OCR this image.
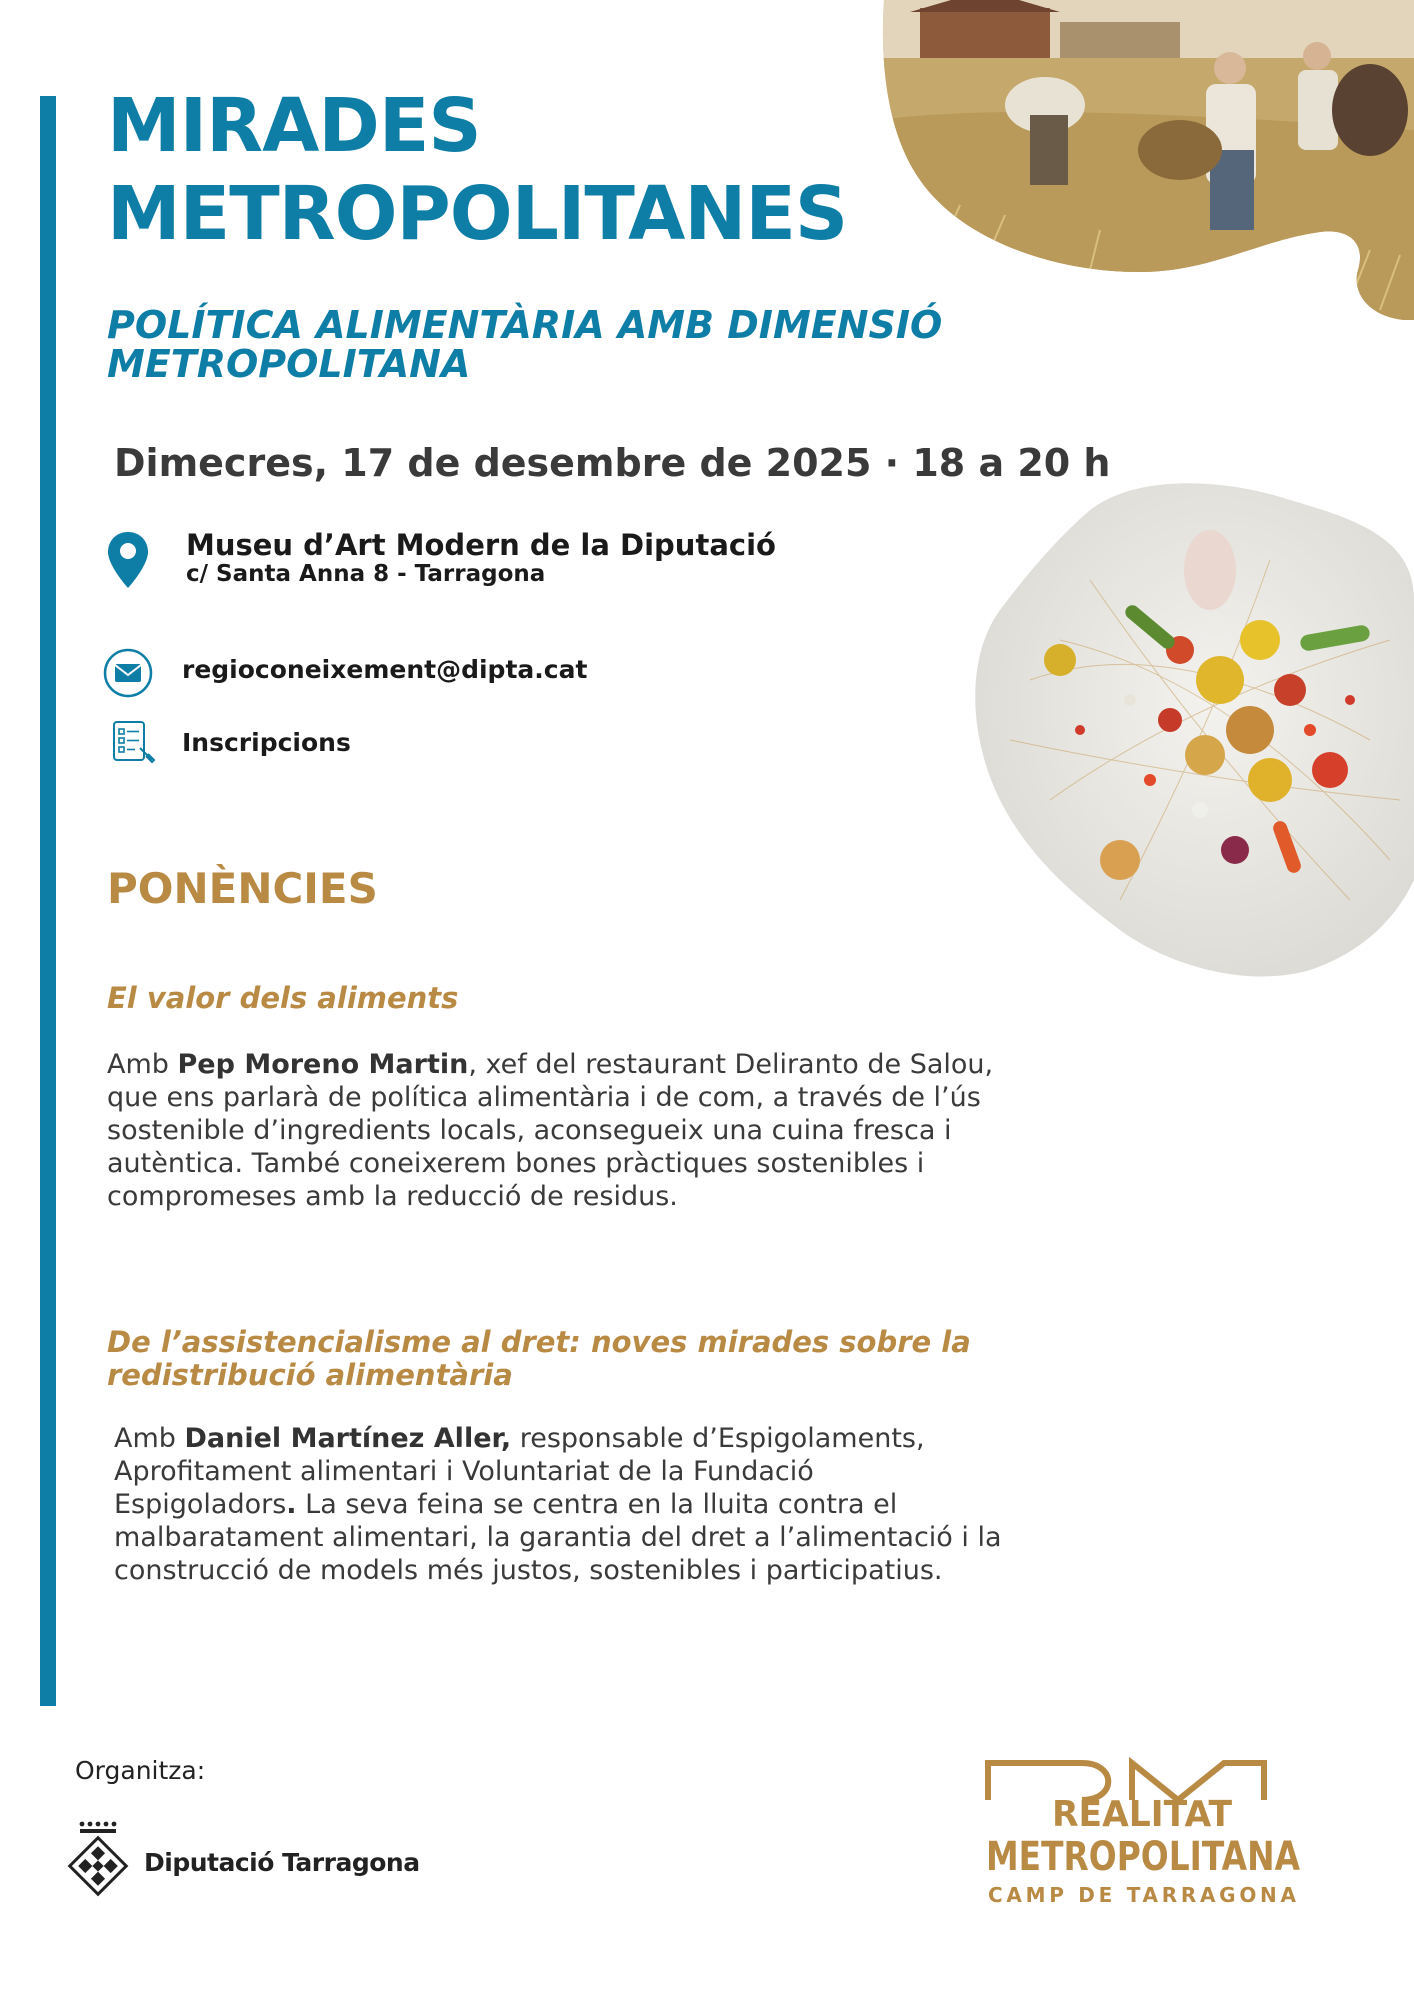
MIRADES
METROPOLITANES
POLÍTICA ALIMENTÀRIA AMB DIMENSIÓ
METROPOLITANA
Dimecres, 17 de desembre de 2025 · 18 a 20 h
Museu d’Art Modern de la Diputació
c/ Santa Anna 8 - Tarragona
regioconeixement@dipta.cat
Inscripcions
PONÈNCIES
El valor dels aliments

Amb Pep Moreno Martin, xef del restaurant Deliranto de Salou,
que ens parlarà de política alimentària i de com, a través de l’ús
sostenible d’ingredients locals, aconsegueix una cuina fresca i
autèntica. També coneixerem bones pràctiques sostenibles i
compromeses amb la reducció de residus.

De l’assistencialisme al dret: noves mirades sobre la
redistribució alimentària

Amb Daniel Martínez Aller, responsable d’Espigolaments,
Aprofitament alimentari i Voluntariat de la Fundació
Espigoladors. La seva feina se centra en la lluita contra el
malbaratament alimentari, la garantia del dret a l’alimentació i la
construcció de models més justos, sostenibles i participatius.

Organitza:
Diputació Tarragona
REALITAT
METROPOLITANA
CAMP DE TARRAGONA
